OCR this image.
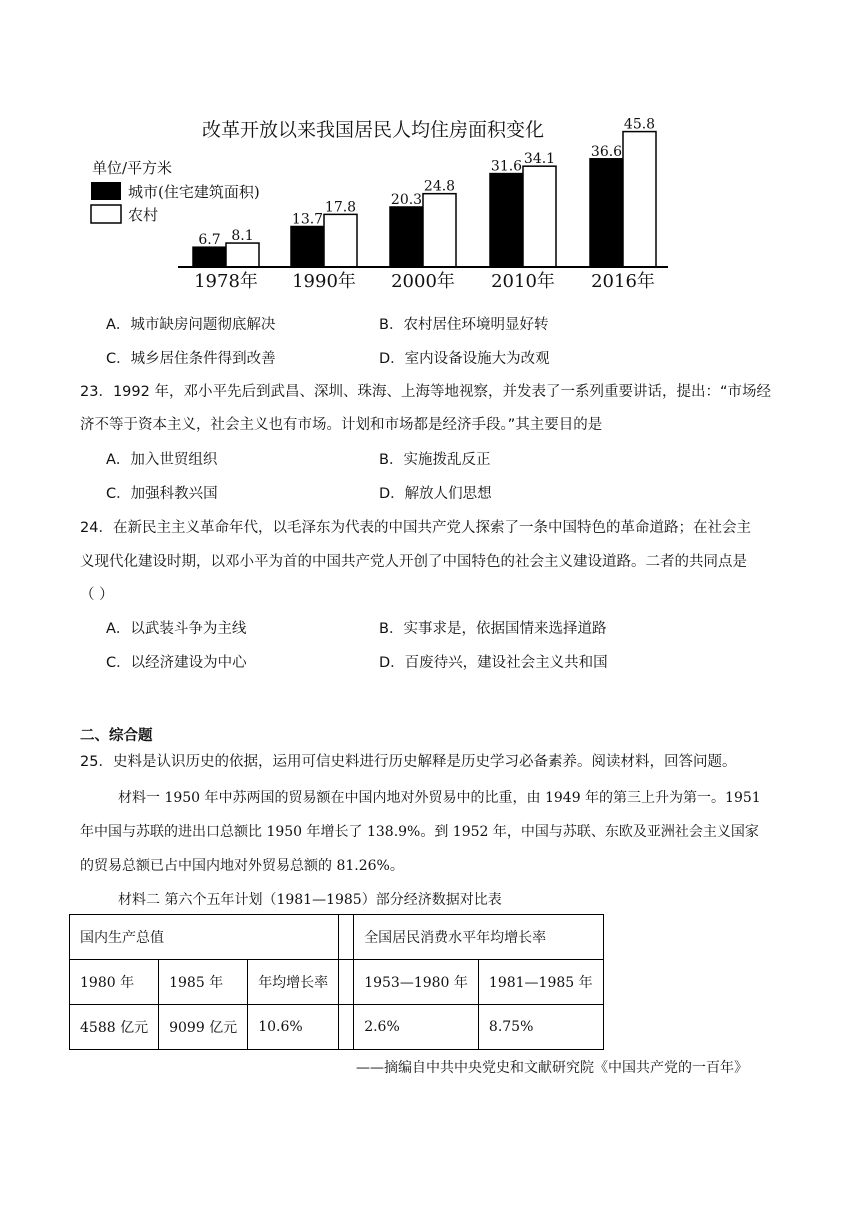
改革开放以来我国居民人均住房面积变化
单位/平方米
城市(住宅建筑面积)
农村
6.7 8.1
13.7
17.8 20.3
24.8
31.6 34.1	36.6
45.8
1978年 1990年 2000年 2010年 2016年
A．城市缺房问题彻底解决	B．农村居住环境明显好转
C．城乡居住条件得到改善	D．室内设备设施大为改观
23．1992 年，邓小平先后到武昌、深圳、珠海、上海等地视察，并发表了一系列重要讲话，提出：“市场经
济不等于资本主义，社会主义也有市场。计划和市场都是经济手段。”其主要目的是
A．加入世贸组织	B．实施拨乱反正
C．加强科教兴国	D．解放人们思想
24．在新民主主义革命年代，以毛泽东为代表的中国共产党人探索了一条中国特色的革命道路；在社会主
义现代化建设时期，以邓小平为首的中国共产党人开创了中国特色的社会主义建设道路。二者的共同点是
（ ）
A．以武装斗争为主线	B．实事求是，依据国情来选择道路
C．以经济建设为中心	D．百废待兴，建设社会主义共和国
二、综合题
25．史料是认识历史的依据，运用可信史料进行历史解释是历史学习必备素养。阅读材料，回答问题。
材料一 1950 年中苏两国的贸易额在中国内地对外贸易中的比重，由 1949 年的第三上升为第一。1951
年中国与苏联的进出口总额比 1950 年增长了 138.9%。到 1952 年，中国与苏联、东欧及亚洲社会主义国家
的贸易总额已占中国内地对外贸易总额的 81.26%。
材料二 第六个五年计划（1981—1985）部分经济数据对比表
国内生产总值				全国居民消费水平年均增长率	
1980 年	1985 年	年均增长率		1953—1980 年	1981—1985 年
4588 亿元	9099 亿元	10.6%		2.6%	8.75%
——摘编自中共中央党史和文献研究院《中国共产党的一百年》
